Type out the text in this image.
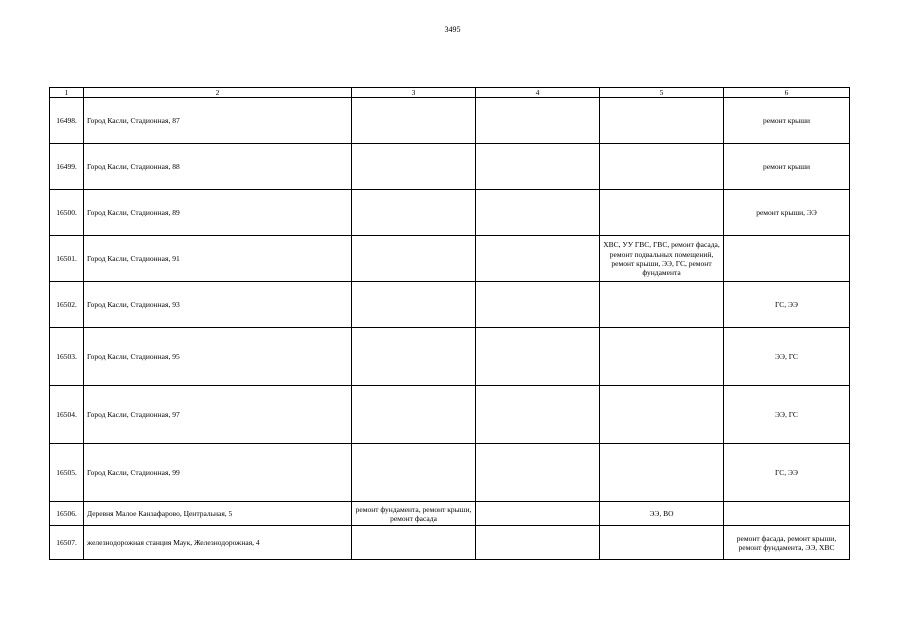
3495
1	2	3	4	5	6
16498.	Город Касли, Стадионная, 87				ремонт крыши
16499.	Город Касли, Стадионная, 88				ремонт крыши
16500.	Город Касли, Стадионная, 89				ремонт крыши, ЭЭ
16501.	Город Касли, Стадионная, 91			ХВС, УУ ГВС, ГВС, ремонт фасада, ремонт подвальных помещений, ремонт крыши, ЭЭ, ГС, ремонт фундамента	
16502.	Город Касли, Стадионная, 93				ГС, ЭЭ
16503.	Город Касли, Стадионная, 95				ЭЭ, ГС
16504.	Город Касли, Стадионная, 97				ЭЭ, ГС
16505.	Город Касли, Стадионная, 99				ГС, ЭЭ
16506.	Деревня Малое Канзафарово, Центральная, 5	ремонт фундамента, ремонт крыши, ремонт фасада		ЭЭ, ВО	
16507.	железнодорожная станция Маук, Железнодорожная, 4				ремонт фасада, ремонт крыши, ремонт фундамента, ЭЭ, ХВС
